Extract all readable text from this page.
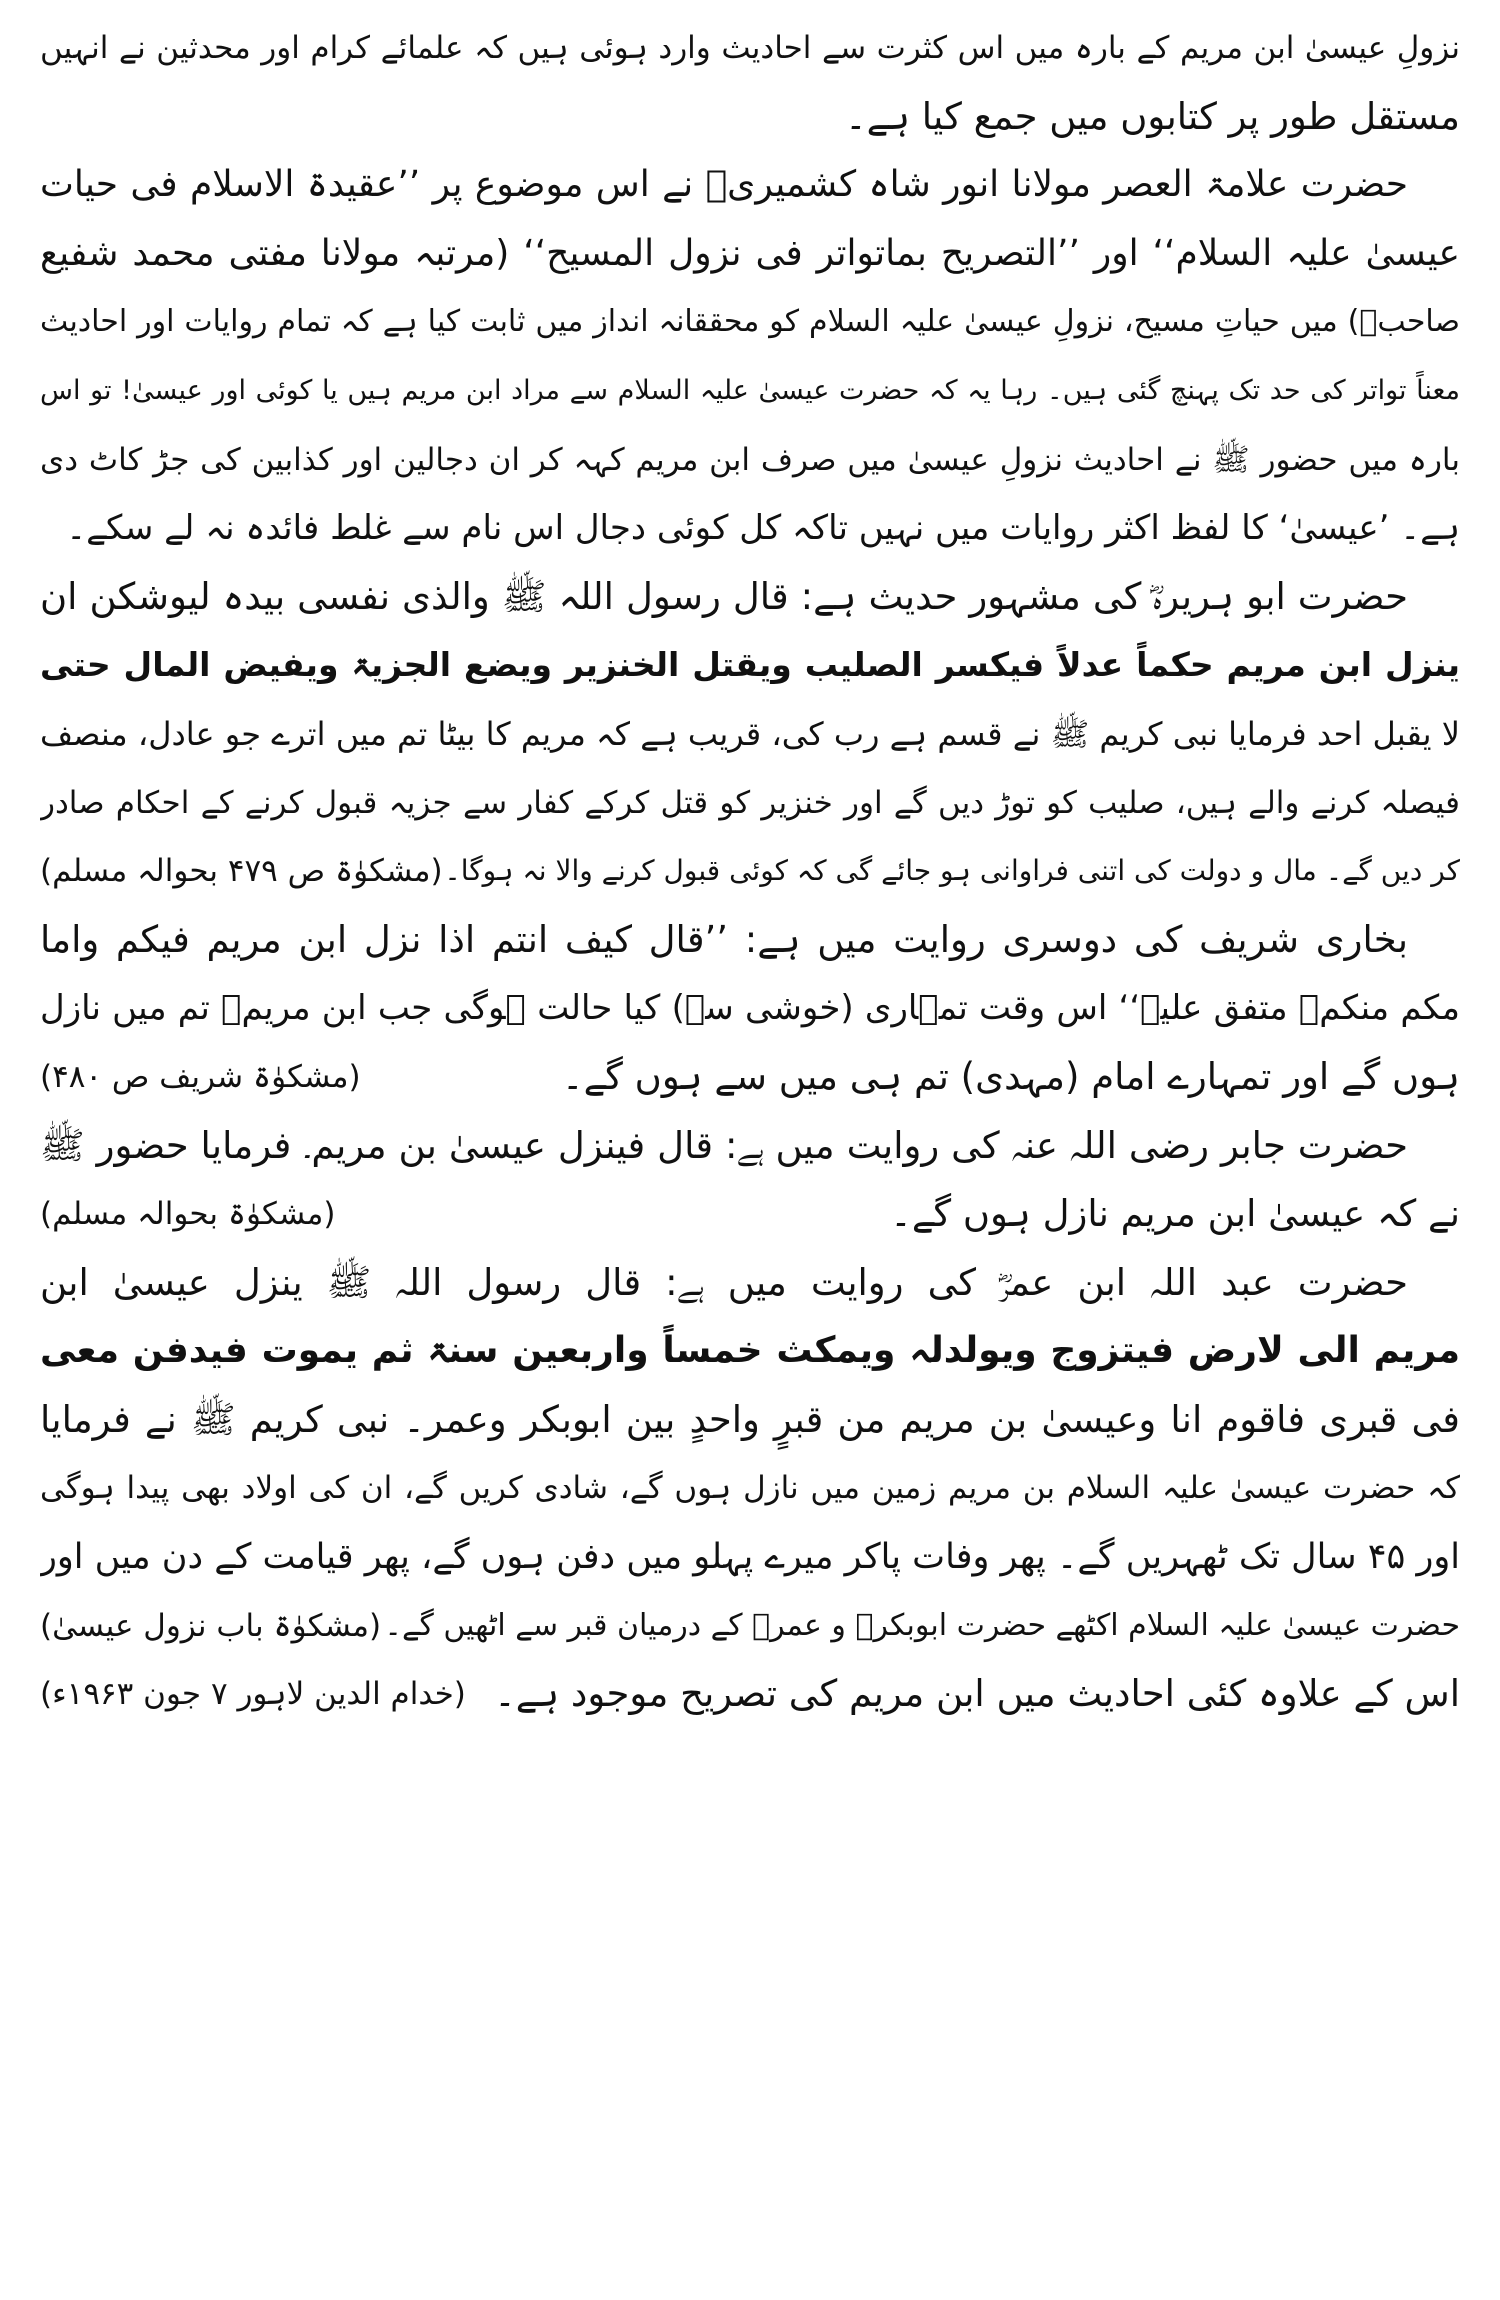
نزولِ عیسیٰ ابن مریم کے بارہ میں اس کثرت سے احادیث وارد ہوئی ہیں کہ علمائے کرام اور محدثین نے انہیں
مستقل طور پر کتابوں میں جمع کیا ہے۔
حضرت علامۃ العصر مولانا انور شاہ کشمیریؒ نے اس موضوع پر ’’عقیدۃ الاسلام فی حیات
عیسیٰ علیہ السلام‘‘ اور ’’التصریح بماتواتر فی نزول المسیح‘‘ (مرتبہ مولانا مفتی محمد شفیع
صاحبؒ) میں حیاتِ مسیح، نزولِ عیسیٰ علیہ السلام کو محققانہ انداز میں ثابت کیا ہے کہ تمام روایات اور احادیث
معناً تواتر کی حد تک پہنچ گئی ہیں۔ رہا یہ کہ حضرت عیسیٰ علیہ السلام سے مراد ابن مریم ہیں یا کوئی اور عیسیٰ! تو اس
بارہ میں حضور ﷺ نے احادیث نزولِ عیسیٰ میں صرف ابن مریم کہہ کر ان دجالین اور کذابین کی جڑ کاٹ دی
ہے۔ ’عیسیٰ‘ کا لفظ اکثر روایات میں نہیں تاکہ کل کوئی دجال اس نام سے غلط فائدہ نہ لے سکے۔
حضرت ابو ہریرہؓ کی مشہور حدیث ہے: قال رسول اللہ ﷺ والذی نفسی بیدہ لیوشکن ان
ینزل ابن مریم حکماً عدلاً فیکسر الصلیب ویقتل الخنزیر ویضع الجزیۃ ویفیض المال حتی
لا یقبل احد فرمایا نبی کریم ﷺ نے قسم ہے رب کی، قریب ہے کہ مریم کا بیٹا تم میں اترے جو عادل، منصف
فیصلہ کرنے والے ہیں، صلیب کو توڑ دیں گے اور خنزیر کو قتل کرکے کفار سے جزیہ قبول کرنے کے احکام صادر
کر دیں گے۔ مال و دولت کی اتنی فراوانی ہو جائے گی کہ کوئی قبول کرنے والا نہ ہوگا۔
(مشکوٰۃ ص ۴۷۹ بحوالہ مسلم)
بخاری شریف کی دوسری روایت میں ہے: ’’قال کیف انتم اذا نزل ابن مریم فیکم واما
مکم منکم۔ متفق علیہ‘‘ اس وقت تمہاری (خوشی سے) کیا حالت ہوگی جب ابن مریمؑ تم میں نازل
ہوں گے اور تمہارے امام (مہدی) تم ہی میں سے ہوں گے۔
(مشکوٰۃ شریف ص ۴۸۰)
حضرت جابر رضی اللہ عنہ کی روایت میں ہے: قال فینزل عیسیٰ بن مریم۔ فرمایا حضور ﷺ
نے کہ عیسیٰ ابن مریم نازل ہوں گے۔
(مشکوٰۃ بحوالہ مسلم)
حضرت عبد اللہ ابن عمرؓ کی روایت میں ہے: قال رسول اللہ ﷺ ینزل عیسیٰ ابن
مریم الی لارض فیتزوج ویولدلہ ویمکث خمساً واربعین سنۃ ثم یموت فیدفن معی
فی قبری فاقوم انا وعیسیٰ بن مریم من قبرٍ واحدٍ بین ابوبکر وعمر۔ نبی کریم ﷺ نے فرمایا
کہ حضرت عیسیٰ علیہ السلام بن مریم زمین میں نازل ہوں گے، شادی کریں گے، ان کی اولاد بھی پیدا ہوگی
اور ۴۵ سال تک ٹھہریں گے۔ پھر وفات پاکر میرے پہلو میں دفن ہوں گے، پھر قیامت کے دن میں اور
حضرت عیسیٰ علیہ السلام اکٹھے حضرت ابوبکرؓ و عمرؓ کے درمیان قبر سے اٹھیں گے۔
(مشکوٰۃ باب نزول عیسیٰ)
اس کے علاوہ کئی احادیث میں ابن مریم کی تصریح موجود ہے۔
(خدام الدین لاہور ۷ جون ۱۹۶۳ء)
